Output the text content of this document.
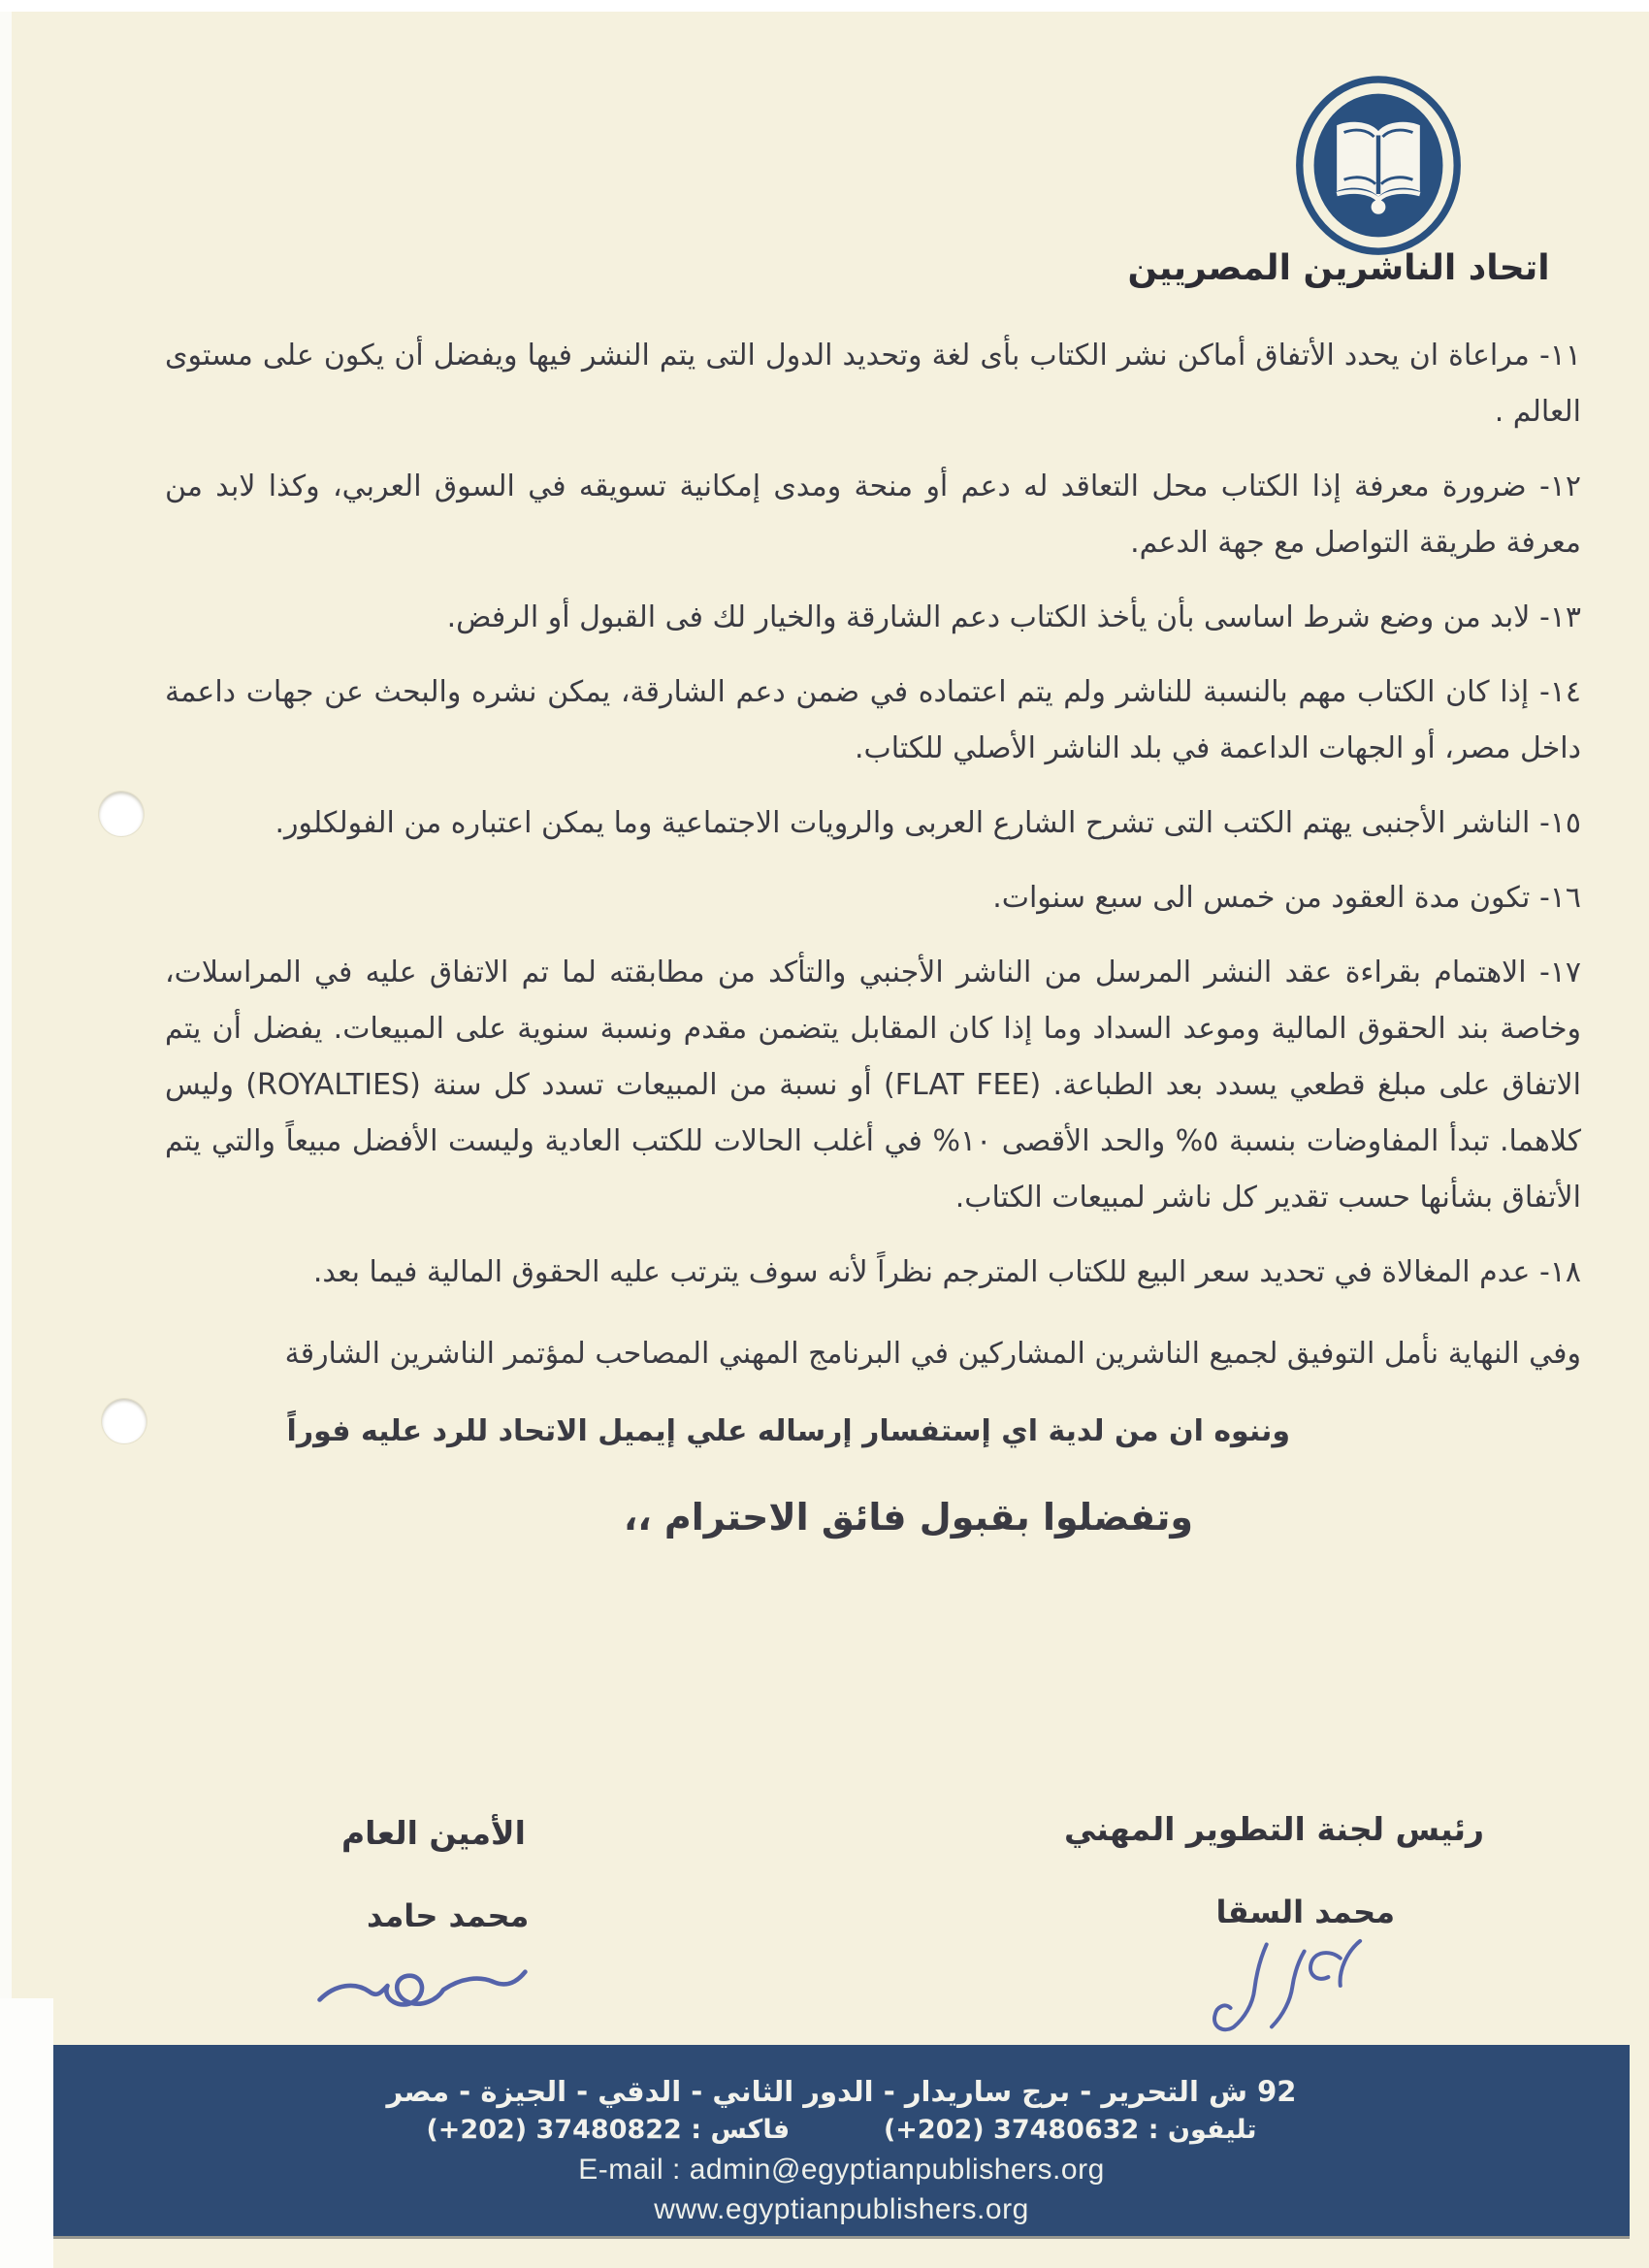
اتحاد الناشرين المصريين
١١- مراعاة ان يحدد الأتفاق أماكن نشر الكتاب بأى لغة وتحديد الدول التى يتم النشر فيها ويفضل أن يكون على مستوى العالم .
١٢- ضرورة معرفة إذا الكتاب محل التعاقد له دعم أو منحة ومدى إمكانية تسويقه في السوق العربي، وكذا لابد من معرفة طريقة التواصل مع جهة الدعم.
١٣- لابد من وضع شرط اساسى بأن يأخذ الكتاب دعم الشارقة والخيار لك فى القبول أو الرفض.
١٤- إذا كان الكتاب مهم بالنسبة للناشر ولم يتم اعتماده في ضمن دعم الشارقة، يمكن نشره والبحث عن جهات داعمة داخل مصر، أو الجهات الداعمة في بلد الناشر الأصلي للكتاب.
١٥- الناشر الأجنبى يهتم الكتب التى تشرح الشارع العربى والرويات الاجتماعية وما يمكن اعتباره من الفولكلور.
١٦- تكون مدة العقود من خمس الى سبع سنوات.
١٧- الاهتمام بقراءة عقد النشر المرسل من الناشر الأجنبي والتأكد من مطابقته لما تم الاتفاق عليه في المراسلات، وخاصة بند الحقوق المالية وموعد السداد وما إذا كان المقابل يتضمن مقدم ونسبة سنوية على المبيعات. يفضل أن يتم الاتفاق على مبلغ قطعي يسدد بعد الطباعة. (FLAT FEE) أو نسبة من المبيعات تسدد كل سنة (ROYALTIES) وليس كلاهما. تبدأ المفاوضات بنسبة ٥% والحد الأقصى ١٠% في أغلب الحالات للكتب العادية وليست الأفضل مبيعاً والتي يتم الأتفاق بشأنها حسب تقدير كل ناشر لمبيعات الكتاب.
١٨- عدم المغالاة في تحديد سعر البيع للكتاب المترجم نظراً لأنه سوف يترتب عليه الحقوق المالية فيما بعد.
وفي النهاية نأمل التوفيق لجميع الناشرين المشاركين في البرنامج المهني المصاحب لمؤتمر الناشرين الشارقة
وننوه ان من لدية اي إستفسار إرساله علي إيميل الاتحاد للرد عليه فوراً
وتفضلوا بقبول فائق الاحترام ،،
رئيس لجنة التطوير المهني
الأمين العام
محمد السقا
محمد حامد
92 ش التحرير - برج ساريدار - الدور الثاني - الدقي - الجيزة - مصر
تليفون : 37480632 (+202)  فاكس : 37480822 (+202)
E-mail : admin@egyptianpublishers.org
www.egyptianpublishers.org
